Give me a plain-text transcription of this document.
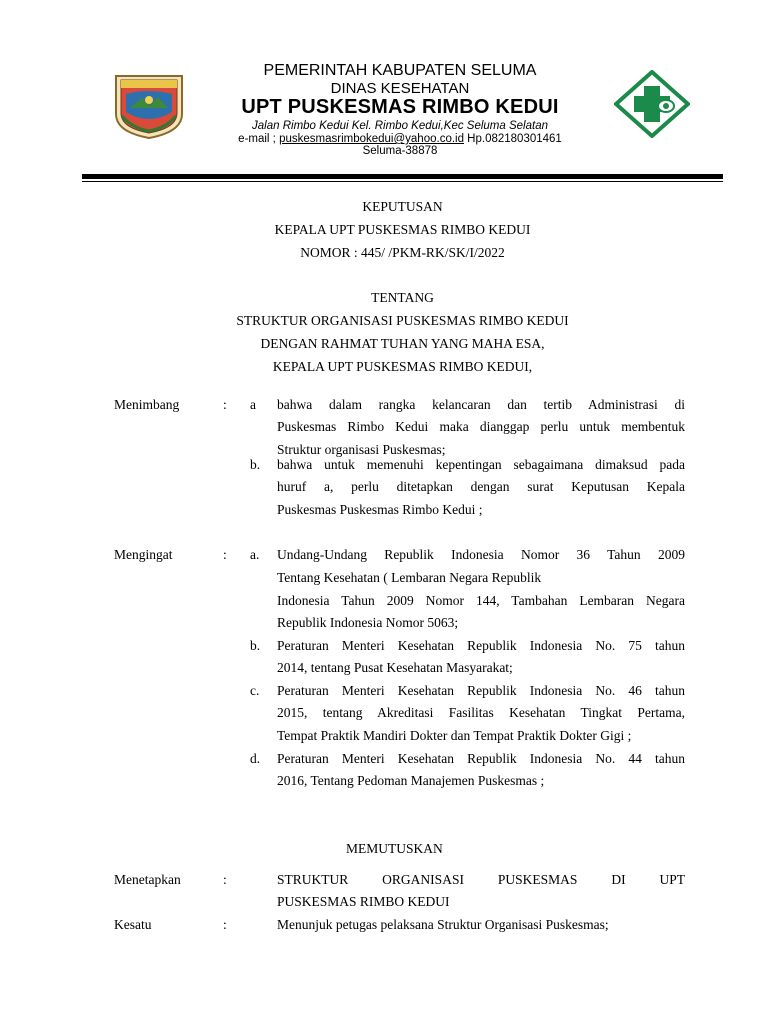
PEMERINTAH KABUPATEN SELUMA
DINAS KESEHATAN
UPT PUSKESMAS RIMBO KEDUI
Jalan Rimbo Kedui Kel. Rimbo Kedui,Kec Seluma Selatan
e-mail ; puskesmasrimbokedui@yahoo.co.id Hp.082180301461
Seluma-38878
KEPUTUSAN
KEPALA UPT PUSKESMAS RIMBO KEDUI
NOMOR : 445/ /PKM-RK/SK/I/2022
TENTANG
STRUKTUR ORGANISASI PUSKESMAS RIMBO KEDUI
DENGAN RAHMAT TUHAN YANG MAHA ESA,
KEPALA UPT PUSKESMAS RIMBO KEDUI,
Menimbang	: a bahwa dalam rangka kelancaran dan tertib Administrasi di
Puskesmas Rimbo Kedui maka dianggap perlu untuk membentuk
Struktur organisasi Puskesmas;
b. bahwa untuk memenuhi kepentingan sebagaimana dimaksud pada
huruf a, perlu ditetapkan dengan surat Keputusan Kepala
Puskesmas Puskesmas Rimbo Kedui ;
Mengingat	: a. Undang-Undang Republik Indonesia Nomor 36 Tahun 2009
Tentang Kesehatan ( Lembaran Negara Republik
Indonesia Tahun 2009 Nomor 144, Tambahan Lembaran Negara
Republik Indonesia Nomor 5063;
b. Peraturan Menteri Kesehatan Republik Indonesia No. 75 tahun
2014, tentang Pusat Kesehatan Masyarakat;
c. Peraturan Menteri Kesehatan Republik Indonesia No. 46 tahun
2015, tentang Akreditasi Fasilitas Kesehatan Tingkat Pertama,
Tempat Praktik Mandiri Dokter dan Tempat Praktik Dokter Gigi ;
d. Peraturan Menteri Kesehatan Republik Indonesia No. 44 tahun
2016, Tentang Pedoman Manajemen Puskesmas ;
MEMUTUSKAN
Menetapkan	:	STRUKTUR ORGANISASI PUSKESMAS DI UPT
PUSKESMAS RIMBO KEDUI
Kesatu	:	Menunjuk petugas pelaksana Struktur Organisasi Puskesmas;
